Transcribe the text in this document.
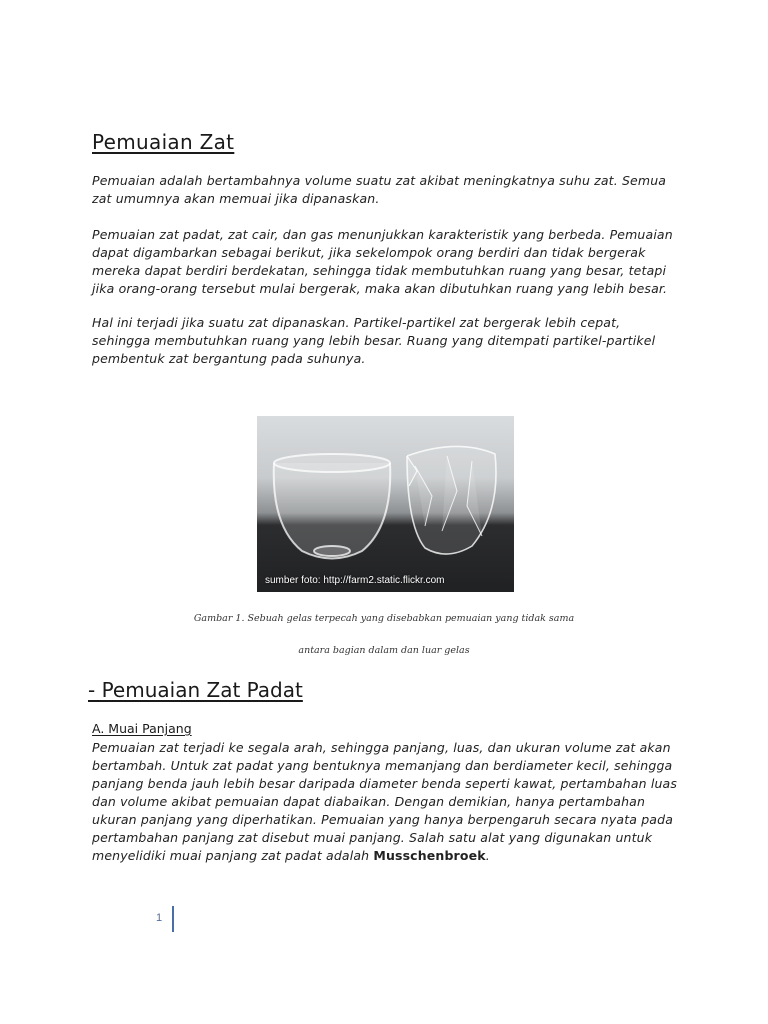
Pemuaian Zat

Pemuaian adalah bertambahnya volume suatu zat akibat meningkatnya suhu zat. Semua zat umumnya akan memuai jika dipanaskan.

Pemuaian zat padat, zat cair, dan gas menunjukkan karakteristik yang berbeda. Pemuaian dapat digambarkan sebagai berikut, jika sekelompok orang berdiri dan tidak bergerak mereka dapat berdiri berdekatan, sehingga tidak membutuhkan ruang yang besar, tetapi jika orang-orang tersebut mulai bergerak, maka akan dibutuhkan ruang yang lebih besar.

Hal ini terjadi jika suatu zat dipanaskan. Partikel-partikel zat bergerak lebih cepat, sehingga membutuhkan ruang yang lebih besar. Ruang yang ditempati partikel-partikel pembentuk zat bergantung pada suhunya.

sumber foto: http://farm2.static.flickr.com

Gambar 1. Sebuah gelas terpecah yang disebabkan pemuaian yang tidak sama

antara bagian dalam dan luar gelas

- Pemuaian Zat Padat
A. Muai Panjang

Pemuaian zat terjadi ke segala arah, sehingga panjang, luas, dan ukuran volume zat akan bertambah. Untuk zat padat yang bentuknya memanjang dan berdiameter kecil, sehingga panjang benda jauh lebih besar daripada diameter benda seperti kawat, pertambahan luas dan volume akibat pemuaian dapat diabaikan. Dengan demikian, hanya pertambahan ukuran panjang yang diperhatikan. Pemuaian yang hanya berpengaruh secara nyata pada pertambahan panjang zat disebut muai panjang. Salah satu alat yang digunakan untuk menyelidiki muai panjang zat padat adalah Musschenbroek.

1
